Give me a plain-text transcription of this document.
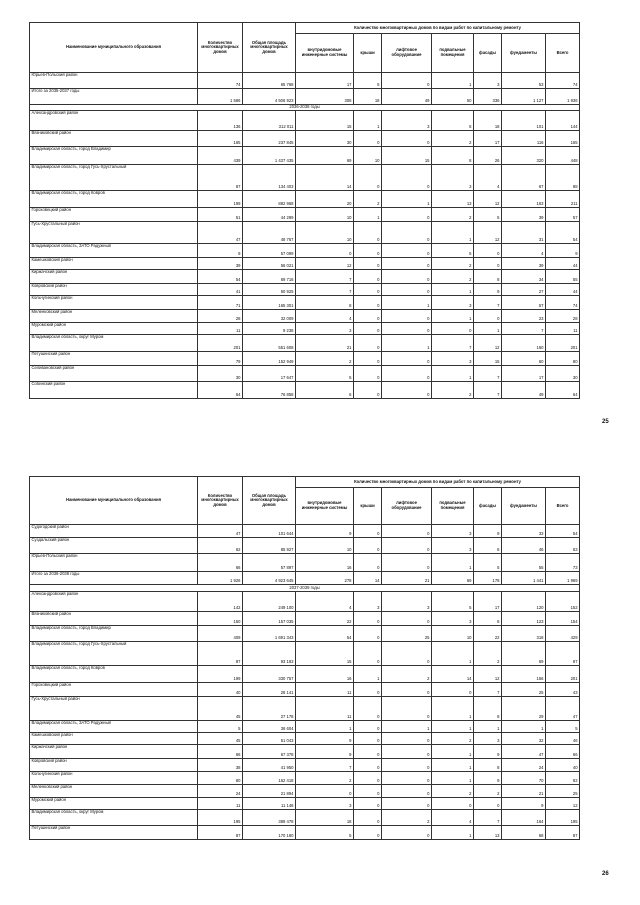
Наименование муниципального образования	Количество многоквартирных домов	Общая площадь многоквартирных домов	Количество многоквартирных домов по видам работ по капитальному ремонту							
			внутридомовые инженерные системы	крыши	лифтовое оборудование	подвальные помещения	фасады	фундаменты	Всего	
Юрьев-Польский район	74	65 768	17	5	0	1	3	53	74	
Итого за 2035-2037 годы	1 586	4 506 923	308	18	49	50	336	1 127	1 936	
2036-2038 годы										
Александровский район	136	312 011	15	1	3	6	18	101	144	
Вязниковский район	165	237 845	30	0	0	2	17	116	165	
Владимирская область, город Владимир	439	1 437 435	69	10	15	8	26	320	448	
Владимирская область, город Гусь-Хрустальный	87	134 403	14	0	0	3	4	67	88	
Владимирская область, город Ковров	199	882 968	20	2	1	13	12	163	211	
Гороховецкий район	51	44 289	10	1	0	2	5	39	57	
Гусь-Хрустальный район	47	48 767	10	0	0	1	12	31	54	
Владимирская область, ЗАТО Радужный	9	57 099	0	0	0	5	0	4	9	
Камешковский район	39	56 021	12	0	0	2	0	39	44	
Киржачский район	54	69 716	7	0	0	2	8	34	55	
Ковровский район	41	50 925	7	0	0	1	9	27	44	
Кольчугинский район	71	165 301	8	0	1	3	7	57	74	
Меленковский район	28	32 009	4	0	0	1	0	23	28	
Муромский район	11	9 238	3	0	0	0	1	7	11	
Владимирская область, округ Муром	201	551 608	21	0	1	7	12	160	201	
Петушинский район	79	152 949	2	0	0	3	15	60	80	
Селивановский район	30	17 647	5	0	0	1	7	17	30	
Собинский район	64	76 858	6	0	0	2	7	49	64	
25
Наименование муниципального образования	Количество многоквартирных домов	Общая площадь многоквартирных домов	Количество многоквартирных домов по видам работ по капитальному ремонту							
			внутридомовые инженерные системы	крыши	лифтовое оборудование	подвальные помещения	фасады	фундаменты	Всего	
Судогодский район	47	101 644	9	0	0	3	9	33	54	
Суздальский район	62	85 927	10	0	0	3	6	46	63	
Юрьев-Польский район	66	57 897	16	0	0	1	5	55	73	
Итого за 2036-2038 годы	1 926	4 923 645	278	14	21	69	178	1 441	1 969	
2037-2039 годы										
Александровский район	142	249 100	4	3	3	5	17	120	152	
Вязниковский район	150	157 035	22	0	0	3	6	123	154	
Владимирская область, город Владимир	409	1 691 343	54	0	25	10	22	318	429	
Владимирская область, город Гусь-Хрустальный	87	93 183	15	0	0	1	2	69	87	
Владимирская область, город Ковров	199	330 757	16	1	2	14	12	156	201	
Гороховецкий район	40	28 141	11	0	0	0	7	25	43	
Гусь-Хрустальный район	45	27 178	11	0	0	1	8	29	47	
Владимирская область, ЗАТО Радужный	5	36 604	1	0	1	1	1	1	5	
Камешковский район	45	51 043	9	0	0	2	3	32	46	
Киржачский район	66	67 378	9	0	0	1	9	47	66	
Ковровский район	38	41 950	7	0	0	1	8	24	40	
Кольчугинский район	80	162 418	2	0	0	1	9	70	82	
Меленковский район	24	21 894	0	0	0	2	2	21	25	
Муромский район	11	11 148	3	0	0	0	0	9	12	
Владимирская область, округ Муром	195	389 478	18	0	2	4	7	164	195	
Петушинский район	87	170 180	5	0	0	1	13	68	87	
26
